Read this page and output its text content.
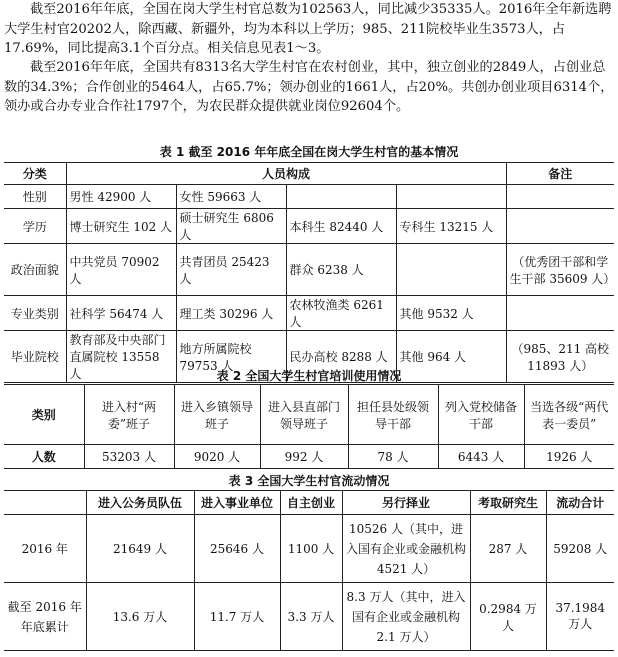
截至2016年年底，全国在岗大学生村官总数为102563人，同比减少35335人。2016年全年新选聘大学生村官20202人，除西藏、新疆外，均为本科以上学历；985、211院校毕业生3573人，占17.69%，同比提高3.1个百分点。相关信息见表1～3。
截至2016年年底，全国共有8313名大学生村官在农村创业，其中，独立创业的2849人，占创业总数的34.3%；合作创业的5464人，占65.7%；领办创业的1661人，占20%。共创办创业项目6314个，领办或合办专业合作社1797个，为农民群众提供就业岗位92604个。
表 1 截至 2016 年年底全国在岗大学生村官的基本情况
分类	人员构成				备注
性别	男性 42900 人	女性 59663 人			
学历	博士研究生 102 人	硕士研究生 6806 人	本科生 82440 人	专科生 13215 人	
政治面貌	中共党员 70902 人	共青团员 25423 人	群众 6238 人		（优秀团干部和学生干部 35609 人）
专业类别	社科学 56474 人	理工类 30296 人	农林牧渔类 6261 人	其他 9532 人	
毕业院校	教育部及中央部门直属院校 13558 人	地方所属院校 79753 人	民办高校 8288 人	其他 964 人	（985、211 高校 11893 人）
表 2 全国大学生村官培训使用情况
类别	进入村“两委”班子	进入乡镇领导班子	进入县直部门领导班子	担任县处级领导干部	列入党校储备干部	当选各级“两代表一委员”
人数	53203 人	9020 人	992 人	78 人	6443 人	1926 人
表 3 全国大学生村官流动情况
	进入公务员队伍	进入事业单位	自主创业	另行择业	考取研究生	流动合计
2016 年	21649 人	25646 人	1100 人	10526 人（其中，进入国有企业或金融机构 4521 人）	287 人	59208 人
截至 2016 年年底累计	13.6 万人	11.7 万人	3.3 万人	8.3 万人（其中，进入国有企业或金融机构 2.1 万人）	0.2984 万人	37.1984 万人
